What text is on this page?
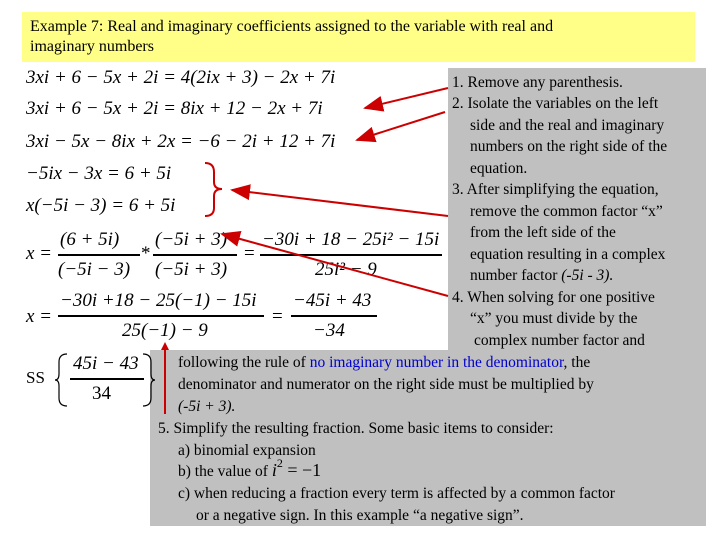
Example 7: Real and imaginary coefficients assigned to the variable with real and
imaginary numbers
3xi + 6 − 5x + 2i = 4(2ix + 3) − 2x + 7i
3xi + 6 − 5x + 2i = 8ix + 12 − 2x + 7i
3xi − 5x − 8ix + 2x = −6 − 2i + 12 + 7i
−5ix − 3x = 6 + 5i
x(−5i − 3) = 6 + 5i
x =
(6 + 5i)
(−5i − 3)
*
(−5i + 3)
(−5i + 3)
=
−30i + 18 − 25i² − 15i
25i² − 9
x =
−30i +18 − 25(−1) − 15i
25(−1) − 9
=
−45i + 43
−34
SS
45i − 43
34
1. Remove any parenthesis.
2. Isolate the variables on the left
side and the real and imaginary
numbers on the right side of the
equation.
3. After simplifying the equation,
remove the common factor “x”
from the left side of the
equation resulting in a complex
number factor (-5i - 3).
4. When solving for one positive
“x” you must divide by the
complex number factor and
following the rule of no imaginary number in the denominator, the
denominator and numerator on the right side must be multiplied by
(-5i + 3).
5. Simplify the resulting fraction. Some basic items to consider:
a) binomial expansion
b) the value of $i^2 = -1$
c) when reducing a fraction every term is affected by a common factor
or a negative sign. In this example “a negative sign”.
